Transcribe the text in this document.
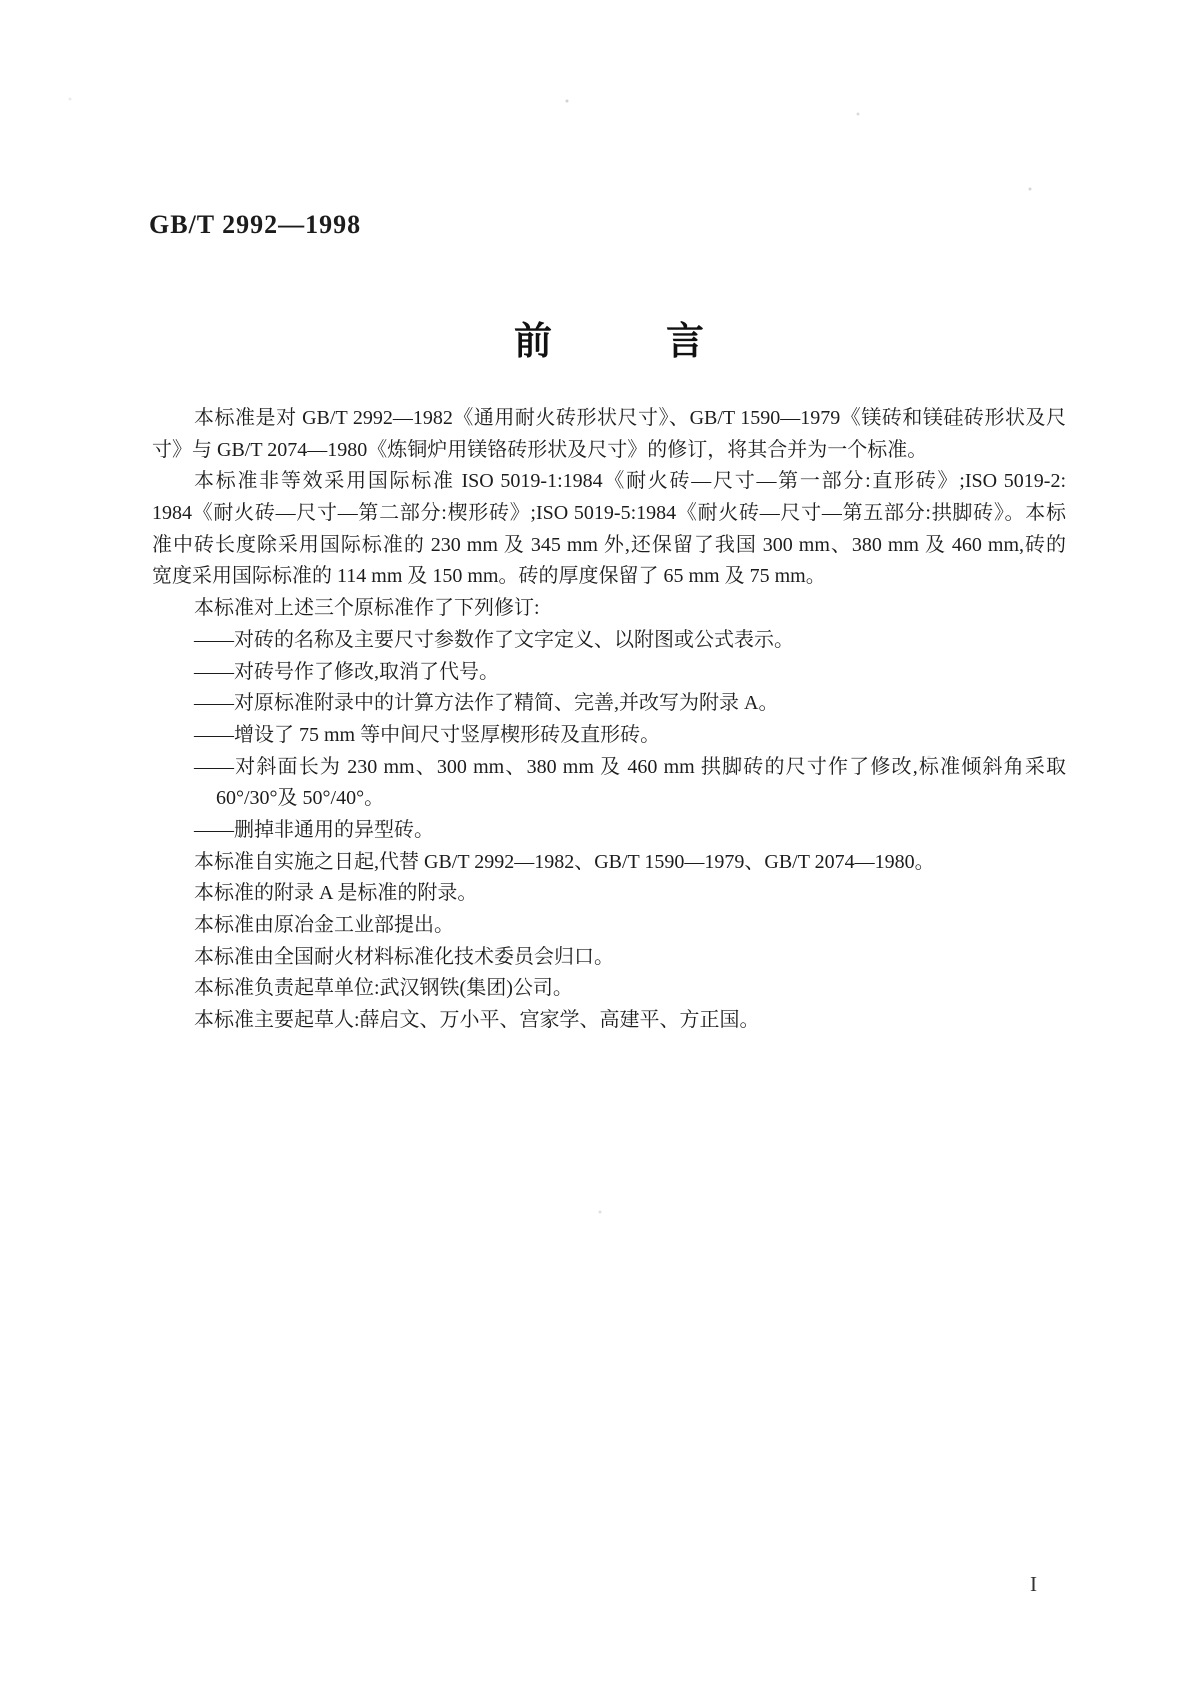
GB/T 2992—1998
前　　　言
本标准是对 GB/T 2992—1982《通用耐火砖形状尺寸》、GB/T 1590—1979《镁砖和镁硅砖形状及尺
寸》与 GB/T 2074—1980《炼铜炉用镁铬砖形状及尺寸》的修订，将其合并为一个标准。
本标准非等效采用国际标准 ISO 5019-1:1984《耐火砖—尺寸—第一部分:直形砖》;ISO 5019-2:
1984《耐火砖—尺寸—第二部分:楔形砖》;ISO 5019-5:1984《耐火砖—尺寸—第五部分:拱脚砖》。本标
准中砖长度除采用国际标准的 230 mm 及 345 mm 外,还保留了我国 300 mm、380 mm 及 460 mm,砖的
宽度采用国际标准的 114 mm 及 150 mm。砖的厚度保留了 65 mm 及 75 mm。
本标准对上述三个原标准作了下列修订:
——对砖的名称及主要尺寸参数作了文字定义、以附图或公式表示。
——对砖号作了修改,取消了代号。
——对原标准附录中的计算方法作了精简、完善,并改写为附录 A。
——增设了 75 mm 等中间尺寸竖厚楔形砖及直形砖。
——对斜面长为 230 mm、300 mm、380 mm 及 460 mm 拱脚砖的尺寸作了修改,标准倾斜角采取
60°/30°及 50°/40°。
——删掉非通用的异型砖。
本标准自实施之日起,代替 GB/T 2992—1982、GB/T 1590—1979、GB/T 2074—1980。
本标准的附录 A 是标准的附录。
本标准由原冶金工业部提出。
本标准由全国耐火材料标准化技术委员会归口。
本标准负责起草单位:武汉钢铁(集团)公司。
本标准主要起草人:薛启文、万小平、宫家学、高建平、方正国。
I
